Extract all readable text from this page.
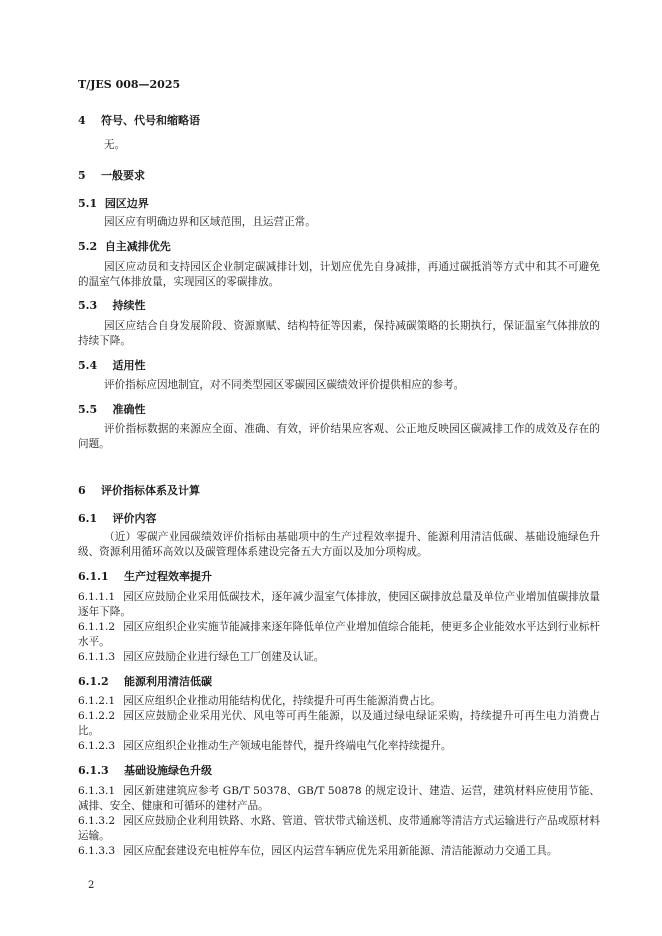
T/JES 008—2025
4 符号、代号和缩略语
无。
5 一般要求
5.1 园区边界
园区应有明确边界和区域范围，且运营正常。
5.2 自主减排优先
园区应动员和支持园区企业制定碳减排计划，计划应优先自身减排，再通过碳抵消等方式中和其不可避免的温室气体排放量，实现园区的零碳排放。
5.3 持续性
园区应结合自身发展阶段、资源禀赋、结构特征等因素，保持减碳策略的长期执行，保证温室气体排放的持续下降。
5.4 适用性
评价指标应因地制宜，对不同类型园区零碳园区碳绩效评价提供相应的参考。
5.5 准确性
评价指标数据的来源应全面、准确、有效，评价结果应客观、公正地反映园区碳减排工作的成效及存在的问题。
6 评价指标体系及计算
6.1 评价内容
（近）零碳产业园碳绩效评价指标由基础项中的生产过程效率提升、能源利用清洁低碳、基础设施绿色升级、资源利用循环高效以及碳管理体系建设完备五大方面以及加分项构成。
6.1.1 生产过程效率提升
6.1.1.1 园区应鼓励企业采用低碳技术，逐年减少温室气体排放，使园区碳排放总量及单位产业增加值碳排放量逐年下降。
6.1.1.2 园区应组织企业实施节能减排来逐年降低单位产业增加值综合能耗，使更多企业能效水平达到行业标杆水平。
6.1.1.3 园区应鼓励企业进行绿色工厂创建及认证。
6.1.2 能源利用清洁低碳
6.1.2.1 园区应组织企业推动用能结构优化，持续提升可再生能源消费占比。
6.1.2.2 园区应鼓励企业采用光伏、风电等可再生能源，以及通过绿电绿证采购，持续提升可再生电力消费占比。
6.1.2.3 园区应组织企业推动生产领域电能替代，提升终端电气化率持续提升。
6.1.3 基础设施绿色升级
6.1.3.1 园区新建建筑应参考 GB/T 50378、GB/T 50878 的规定设计、建造、运营，建筑材料应使用节能、减排、安全、健康和可循环的建材产品。
6.1.3.2 园区应鼓励企业利用铁路、水路、管道、管状带式输送机、皮带通廊等清洁方式运输进行产品或原材料运输。
6.1.3.3 园区应配套建设充电桩停车位，园区内运营车辆应优先采用新能源、清洁能源动力交通工具。
2
